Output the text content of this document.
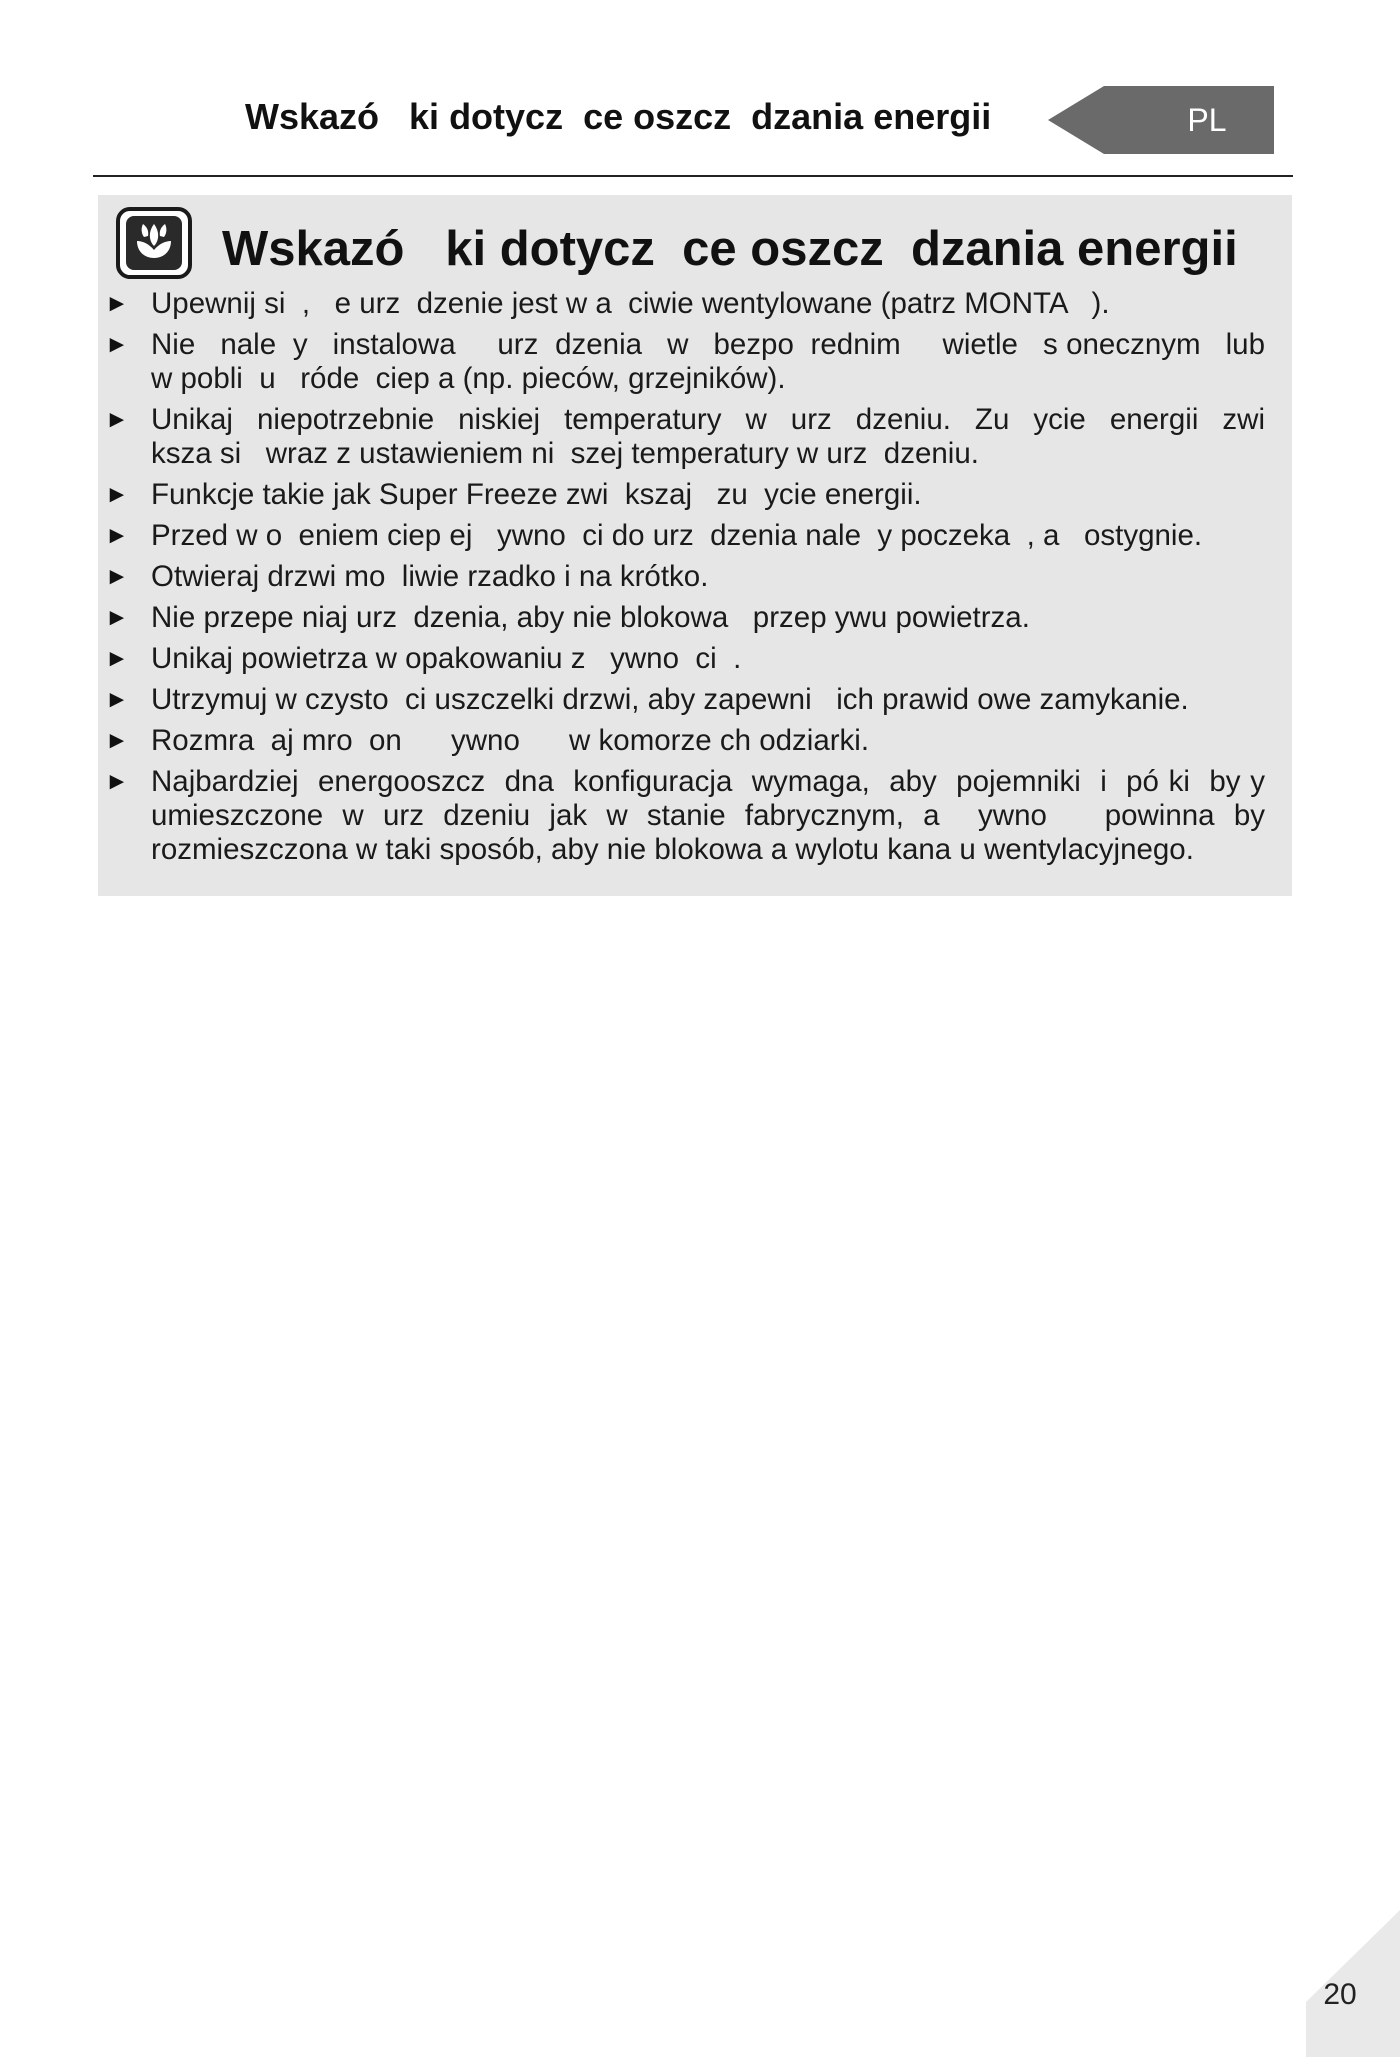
Wskazó   ki dotycz  ce oszcz  dzania energii	PL
Wskazó   ki dotycz  ce oszcz  dzania energii
► Upewnij si  ,   e urz  dzenie jest w a  ciwie wentylowane (patrz MONTA   ).
► Nie   nale  y   instalowa     urz  dzenia   w   bezpo  rednim     wietle   s onecznym   lub w pobli  u   róde  ciep a (np. pieców, grzejników).
► Unikaj  niepotrzebnie  niskiej  temperatury  w  urz  dzeniu.  Zu  ycie  energii  zwi  ksza si   wraz z ustawieniem ni  szej temperatury w urz  dzeniu.
► Funkcje takie jak Super Freeze zwi  kszaj   zu  ycie energii.
► Przed w o  eniem ciep ej   ywno  ci do urz  dzenia nale  y poczeka  , a   ostygnie.
► Otwieraj drzwi mo  liwie rzadko i na krótko.
► Nie przepe niaj urz  dzenia, aby nie blokowa   przep ywu powietrza.
► Unikaj powietrza w opakowaniu z   ywno  ci  .
► Utrzymuj w czysto  ci uszczelki drzwi, aby zapewni   ich prawid owe zamykanie.
► Rozmra  aj mro  on      ywno      w komorze ch odziarki.
► Najbardziej  energooszcz  dna  konfiguracja  wymaga,  aby  pojemniki  i  pó ki  by y umieszczone  w  urz  dzeniu  jak  w  stanie  fabrycznym,  a    ywno      powinna  by rozmieszczona w taki sposób, aby nie blokowa a wylotu kana u wentylacyjnego.
20
